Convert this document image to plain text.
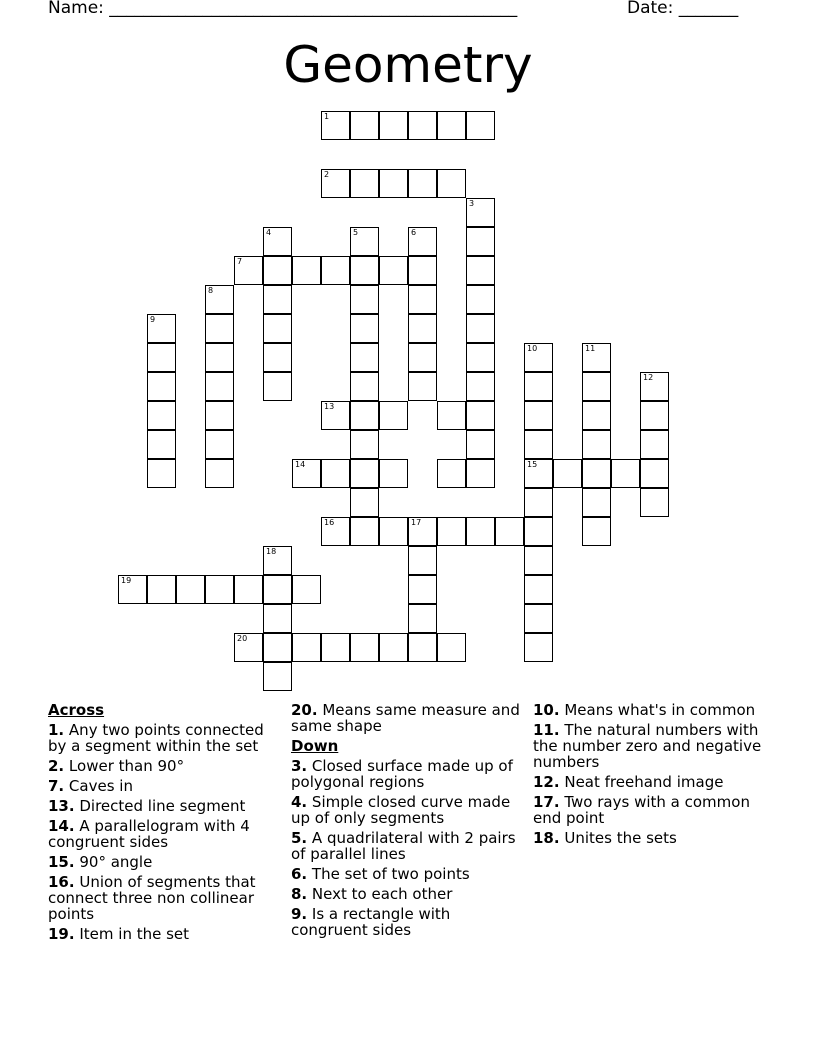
Name: ________________________________________________	Date: _______
Geometry
1
2
3
4	5	6
7
8
9
10	11
12
13
14	15
16	17
18
19
20
Across
1. Any two points connected by a segment within the set
2. Lower than 90°
7. Caves in
13. Directed line segment
14. A parallelogram with 4 congruent sides
15. 90° angle
16. Union of segments that connect three non collinear points
19. Item in the set
20. Means same measure and same shape
Down
3. Closed surface made up of polygonal regions
4. Simple closed curve made up of only segments
5. A quadrilateral with 2 pairs of parallel lines
6. The set of two points
8. Next to each other
9. Is a rectangle with congruent sides
10. Means what's in common
11. The natural numbers with the number zero and negative numbers
12. Neat freehand image
17. Two rays with a common end point
18. Unites the sets
